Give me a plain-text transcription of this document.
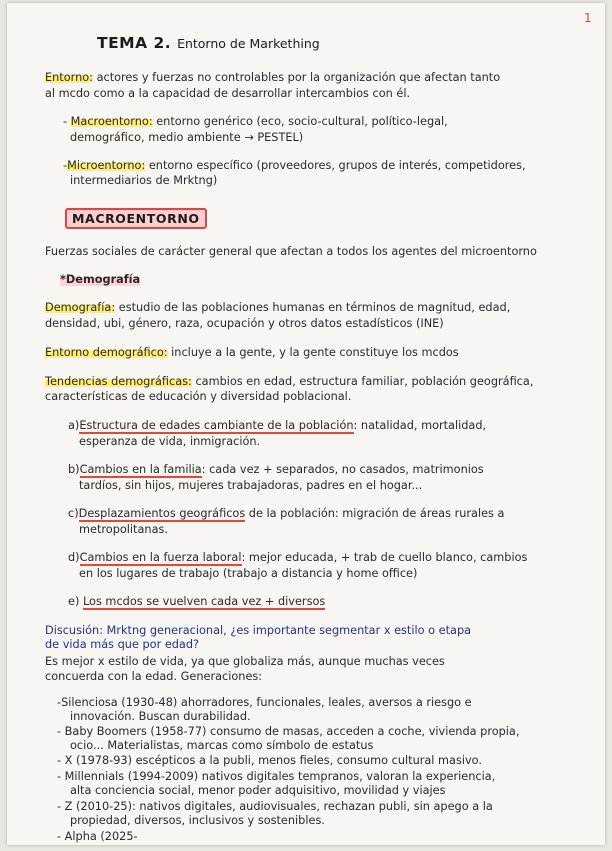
1
TEMA 2. Entorno de Markething
Entorno: actores y fuerzas no controlables por la organización que afectan tanto
al mcdo como a la capacidad de desarrollar intercambios con él.
- Macroentorno: entorno genérico (eco, socio-cultural, político-legal,
demográfico, medio ambiente → PESTEL)
-Microentorno: entorno específico (proveedores, grupos de interés, competidores,
intermediarios de Mrktng)
MACROENTORNO
Fuerzas sociales de carácter general que afectan a todos los agentes del microentorno
*Demografía
Demografía: estudio de las poblaciones humanas en términos de magnitud, edad,
densidad, ubi, género, raza, ocupación y otros datos estadísticos (INE)
Entorno demográfico: incluye a la gente, y la gente constituye los mcdos
Tendencias demográficas: cambios en edad, estructura familiar, población geográfica,
características de educación y diversidad poblacional.
a)Estructura de edades cambiante de la población: natalidad, mortalidad,
esperanza de vida, inmigración.
b)Cambios en la familia: cada vez + separados, no casados, matrimonios
tardíos, sin hijos, mujeres trabajadoras, padres en el hogar...
c)Desplazamientos geográficos de la población: migración de áreas rurales a
metropolitanas.
d)Cambios en la fuerza laboral: mejor educada, + trab de cuello blanco, cambios
en los lugares de trabajo (trabajo a distancia y home office)
e) Los mcdos se vuelven cada vez + diversos
Discusión: Mrktng generacional, ¿es importante segmentar x estilo o etapa
de vida más que por edad?
Es mejor x estilo de vida, ya que globaliza más, aunque muchas veces
concuerda con la edad. Generaciones:
-Silenciosa (1930-48) ahorradores, funcionales, leales, aversos a riesgo e
innovación. Buscan durabilidad.
- Baby Boomers (1958-77) consumo de masas, acceden a coche, vivienda propia,
ocio... Materialistas, marcas como símbolo de estatus
- X (1978-93) escépticos a la publi, menos fieles, consumo cultural masivo.
- Millennials (1994-2009) nativos digitales tempranos, valoran la experiencia,
alta conciencia social, menor poder adquisitivo, movilidad y viajes
- Z (2010-25): nativos digitales, audiovisuales, rechazan publi, sin apego a la
propiedad, diversos, inclusivos y sostenibles.
- Alpha (2025-
